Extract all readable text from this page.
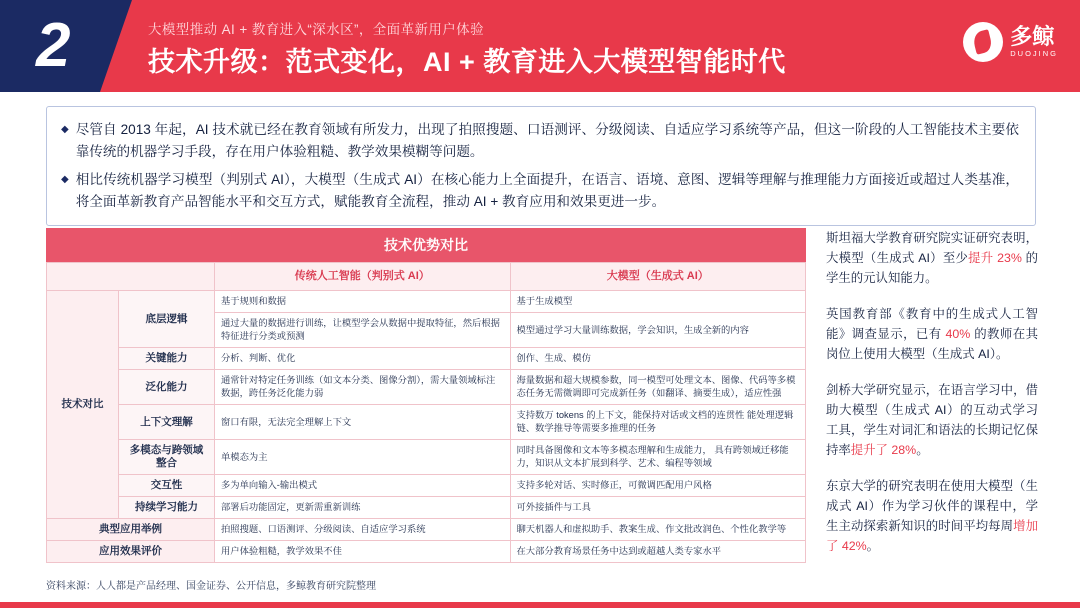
2	大模型推动 AI + 教育进入“深水区”，全面革新用户体验
技术升级：范式变化，AI + 教育进入大模型智能时代
多鲸
DUOJING
◆ 尽管自 2013 年起，AI 技术就已经在教育领域有所发力，出现了拍照搜题、口语测评、分级阅读、自适应学习系统等产品，但这一阶段的人工智能技术主要依靠传统的机器学习手段，存在用户体验粗糙、教学效果模糊等问题。
◆ 相比传统机器学习模型（判别式 AI），大模型（生成式 AI）在核心能力上全面提升，在语言、语境、意图、逻辑等理解与推理能力方面接近或超过人类基准，将全面革新教育产品智能水平和交互方式，赋能教育全流程，推动 AI + 教育应用和效果更进一步。
技术优势对比
		传统人工智能（判别式 AI）	大模型（生成式 AI）
技术对比	底层逻辑	基于规则和数据	基于生成模型
		通过大量的数据进行训练，让模型学会从数据中提取特征，然后根据特征进行分类或预测	模型通过学习大量训练数据，学会知识，生成全新的内容
	关键能力	分析、判断、优化	创作、生成、模仿
	泛化能力	通常针对特定任务训练（如文本分类、图像分割），需大量领域标注数据，跨任务泛化能力弱	海量数据和超大规模参数，同一模型可处理文本、图像、代码等多模态任务无需微调即可完成新任务（如翻译、摘要生成），适应性强
	上下文理解	窗口有限，无法完全理解上下文	支持数万 tokens 的上下文，能保持对话或文档的连贯性 能处理逻辑链、数学推导等需要多推理的任务
	多模态与跨领域整合	单模态为主	同时具备图像和文本等多模态理解和生成能力， 具有跨领域迁移能力，知识从文本扩展到科学、艺术、编程等领域
	交互性	多为单向输入-输出模式	支持多轮对话、实时修正，可微调匹配用户风格
	持续学习能力	部署后功能固定，更新需重新训练	可外接插件与工具
典型应用举例		拍照搜题、口语测评、分级阅读、自适应学习系统	聊天机器人和虚拟助手、教案生成、作文批改润色、个性化教学等
应用效果评价		用户体验粗糙，教学效果不佳	在大部分教育场景任务中达到或超越人类专家水平

斯坦福大学教育研究院实证研究表明，大模型（生成式 AI）至少提升 23% 的学生的元认知能力。

英国教育部《教育中的生成式人工智能》调查显示，已有 40% 的教师在其岗位上使用大模型（生成式 AI）。

剑桥大学研究显示，在语言学习中，借助大模型（生成式 AI）的互动式学习工具，学生对词汇和语法的长期记忆保持率提升了 28%。

东京大学的研究表明在使用大模型（生成式 AI）作为学习伙伴的课程中，学生主动探索新知识的时间平均每周增加了 42%。

资料来源：人人都是产品经理、国金证券、公开信息，多鲸教育研究院整理
